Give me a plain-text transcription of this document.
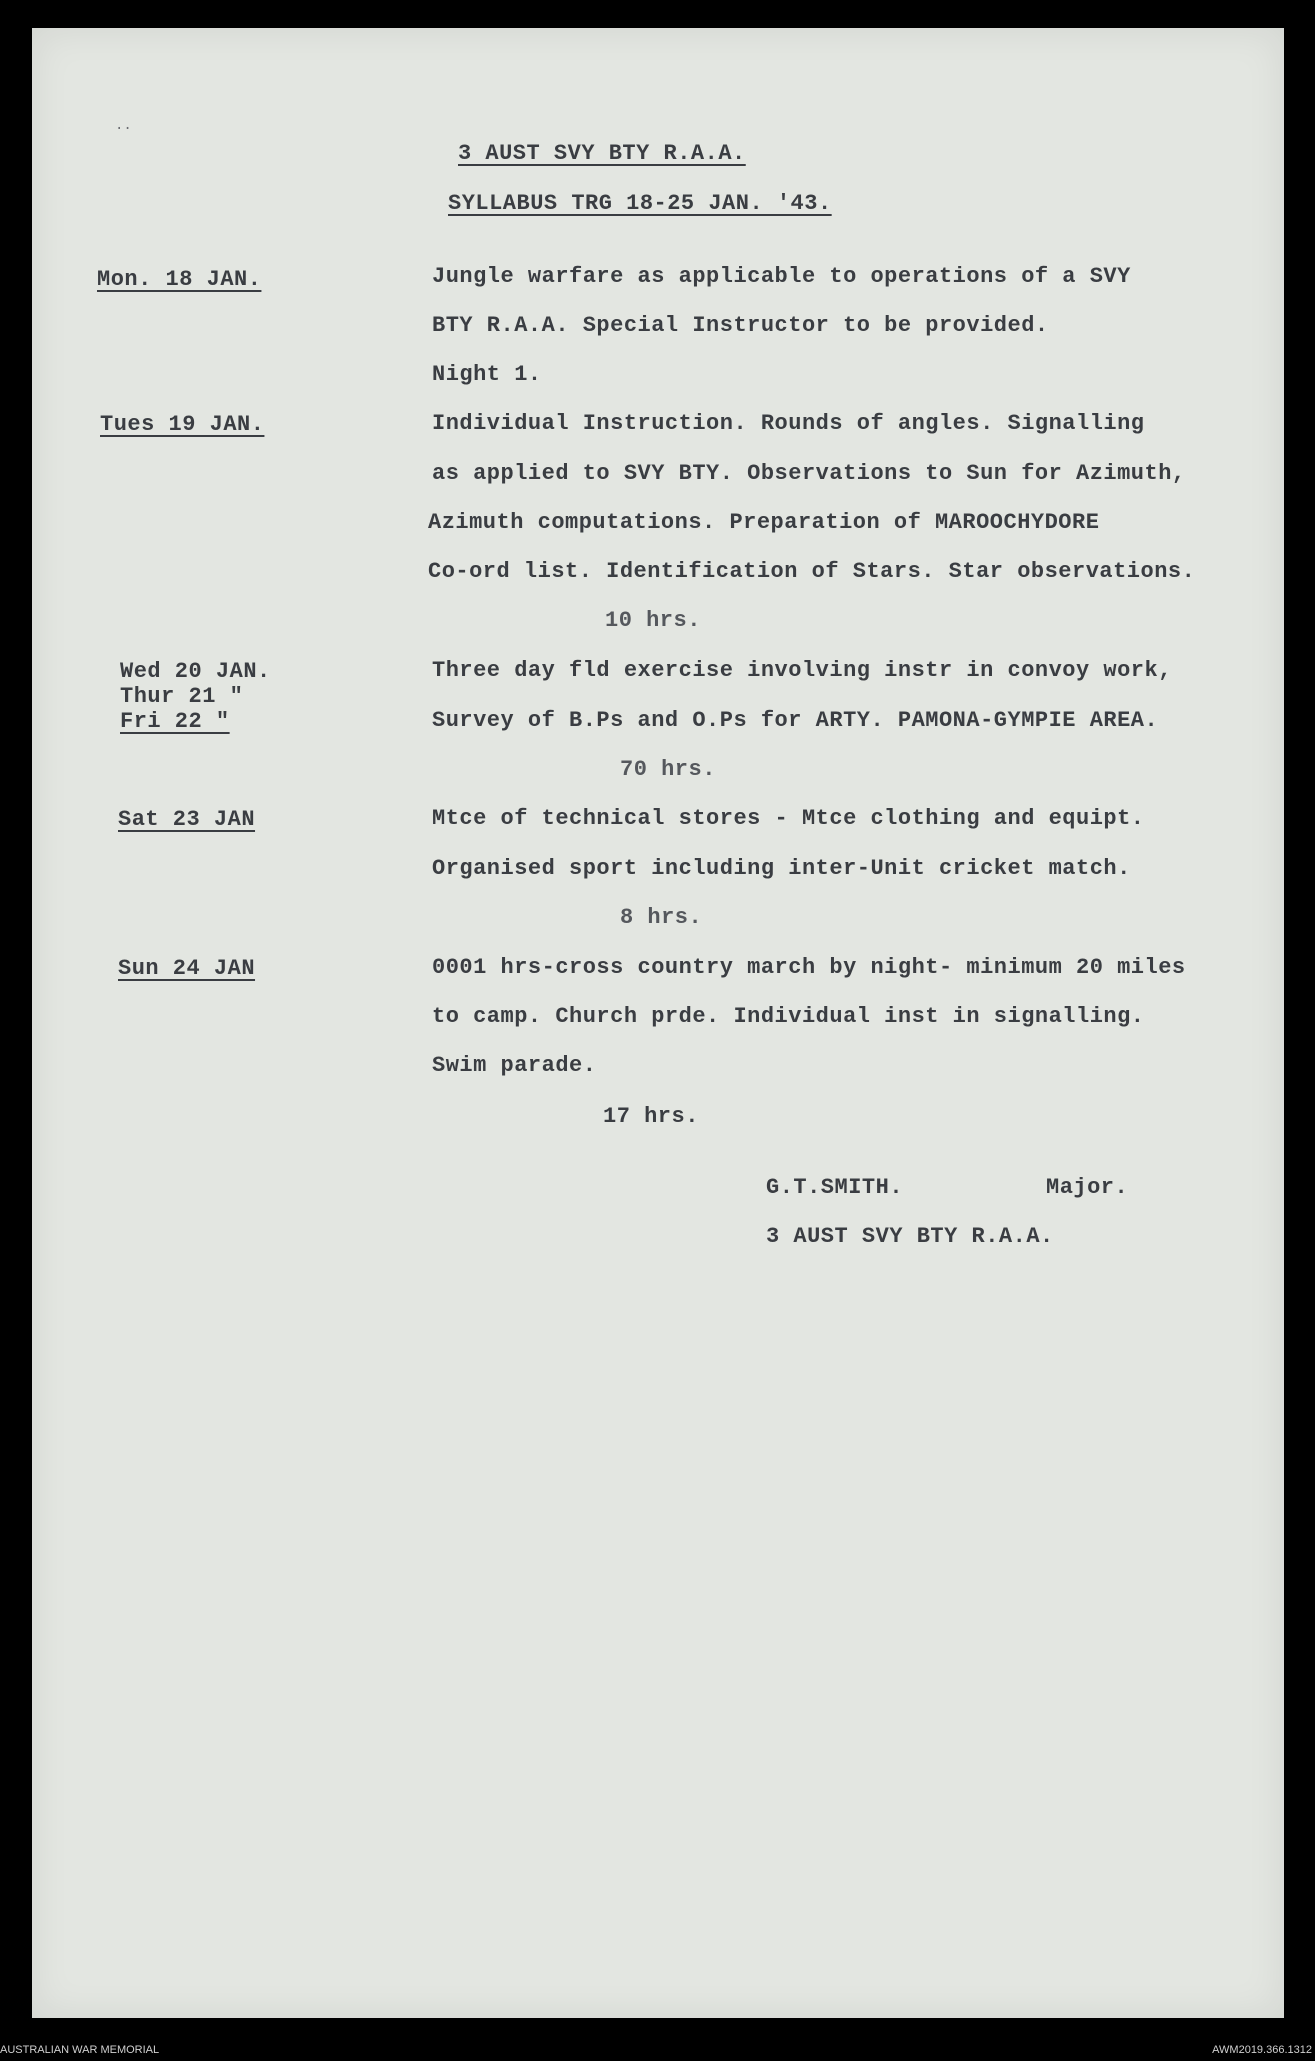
..
3 AUST SVY BTY R.A.A.
SYLLABUS TRG 18-25 JAN. '43.
Mon. 18 JAN.	Jungle warfare as applicable to operations of a SVY
BTY R.A.A. Special Instructor to be provided.
Night 1.
Tues 19 JAN.	Individual Instruction. Rounds of angles. Signalling
as applied to SVY BTY. Observations to Sun for Azimuth,
Azimuth computations. Preparation of MAROOCHYDORE
Co-ord list. Identification of Stars. Star observations.
10 hrs.
Wed 20 JAN.
Thur 21 "
Fri 22 "
Three day fld exercise involving instr in convoy work,
Survey of B.Ps and O.Ps for ARTY. PAMONA-GYMPIE AREA.
70 hrs.
Sat 23 JAN	Mtce of technical stores - Mtce clothing and equipt.
Organised sport including inter-Unit cricket match.
8 hrs.
Sun 24 JAN	0001 hrs-cross country march by night- minimum 20 miles
to camp. Church prde. Individual inst in signalling.
Swim parade.
17 hrs.
G.T.SMITH.	Major.
3 AUST SVY BTY R.A.A.
AUSTRALIAN WAR MEMORIAL	AWM2019.366.1312
